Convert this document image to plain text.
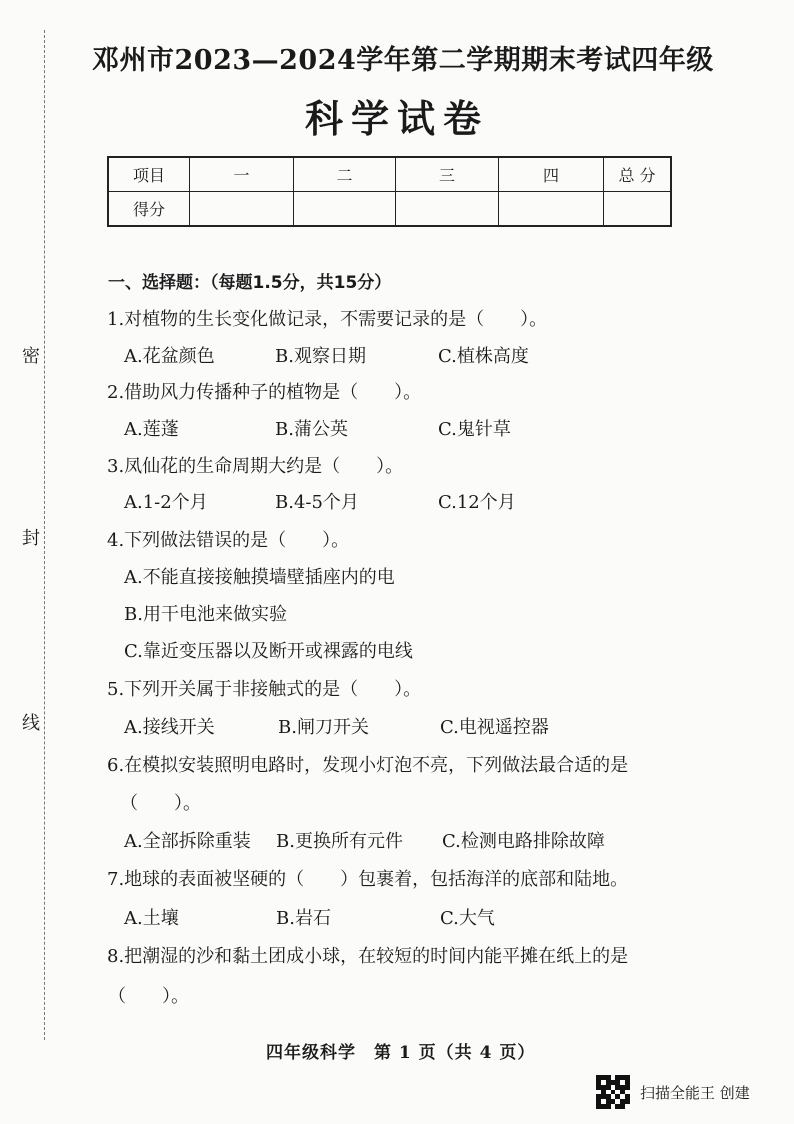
密
封
线
邓州市2023—2024学年第二学期期末考试四年级
科学试卷
项目	一	二	三	四	总 分
得分					
一、选择题：（每题1.5分，共15分）
1.对植物的生长变化做记录，不需要记录的是（　　）。
A.花盆颜色	B.观察日期	C.植株高度
2.借助风力传播种子的植物是（　　）。
A.莲蓬	B.蒲公英	C.鬼针草
3.凤仙花的生命周期大约是（　　）。
A.1-2个月	B.4-5个月	C.12个月
4.下列做法错误的是（　　）。
A.不能直接接触摸墙壁插座内的电
B.用干电池来做实验
C.靠近变压器以及断开或裸露的电线
5.下列开关属于非接触式的是（　　）。
A.接线开关	B.闸刀开关	C.电视遥控器
6.在模拟安装照明电路时，发现小灯泡不亮，下列做法最合适的是
（　　）。
A.全部拆除重装 B.更换所有元件 C.检测电路排除故障
7.地球的表面被坚硬的（　　）包裹着，包括海洋的底部和陆地。
A.土壤	B.岩石	C.大气
8.把潮湿的沙和黏土团成小球，在较短的时间内能平摊在纸上的是
（　　）。
四年级科学　第 1 页（共 4 页）
扫描全能王 创建
